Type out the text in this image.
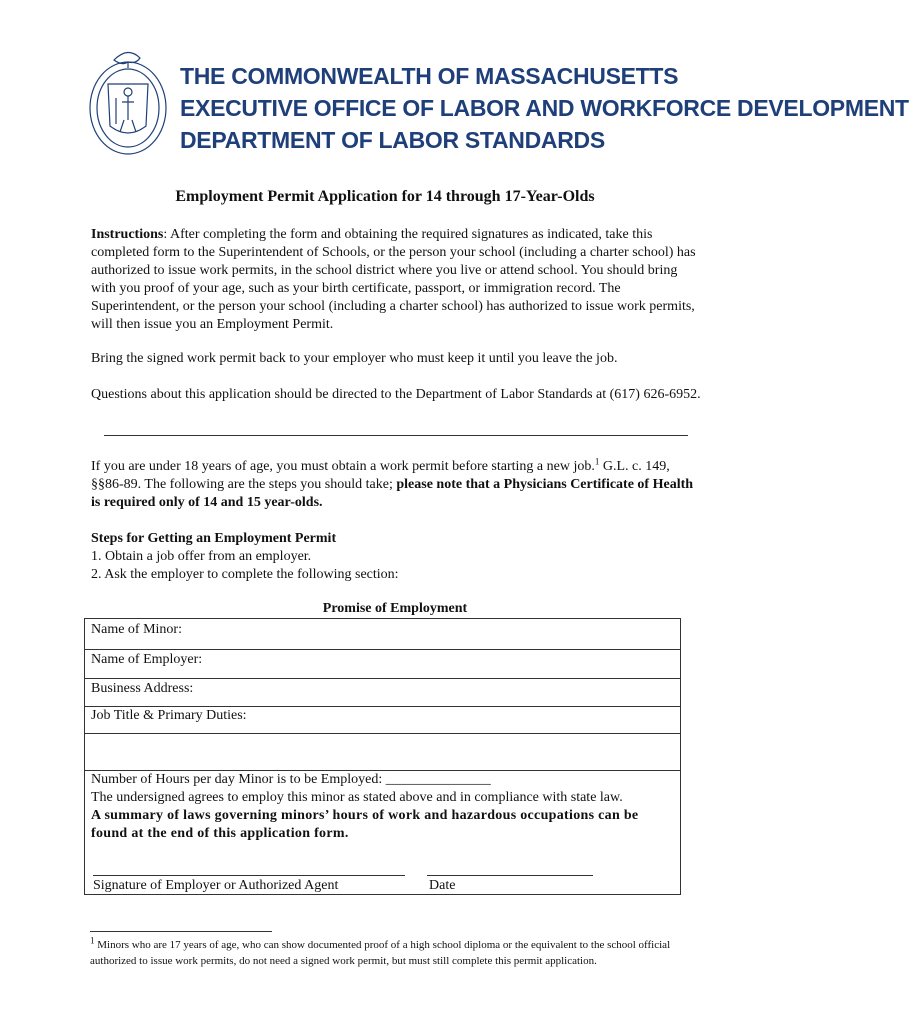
THE COMMONWEALTH OF MASSACHUSETTS
EXECUTIVE OFFICE OF LABOR AND WORKFORCE DEVELOPMENT
DEPARTMENT OF LABOR STANDARDS
Employment Permit Application for 14 through 17-Year-Olds
Instructions: After completing the form and obtaining the required signatures as indicated, take this completed form to the Superintendent of Schools, or the person your school (including a charter school) has authorized to issue work permits, in the school district where you live or attend school. You should bring with you proof of your age, such as your birth certificate, passport, or immigration record. The Superintendent, or the person your school (including a charter school) has authorized to issue work permits, will then issue you an Employment Permit.
Bring the signed work permit back to your employer who must keep it until you leave the job.
Questions about this application should be directed to the Department of Labor Standards at (617) 626-6952.
If you are under 18 years of age, you must obtain a work permit before starting a new job.$^1$ G.L. c. 149, §§86-89. The following are the steps you should take; please note that a Physicians Certificate of Health is required only of 14 and 15 year-olds.
Steps for Getting an Employment Permit
1. Obtain a job offer from an employer.
2. Ask the employer to complete the following section:
Promise of Employment
Name of Minor:
Name of Employer:
Business Address:
Job Title & Primary Duties:
Number of Hours per day Minor is to be Employed: _______________
The undersigned agrees to employ this minor as stated above and in compliance with state law.
A summary of laws governing minors’ hours of work and hazardous occupations can be found at the end of this application form.
Signature of Employer or Authorized Agent	Date
$^1$ Minors who are 17 years of age, who can show documented proof of a high school diploma or the equivalent to the school official authorized to issue work permits, do not need a signed work permit, but must still complete this permit application.
